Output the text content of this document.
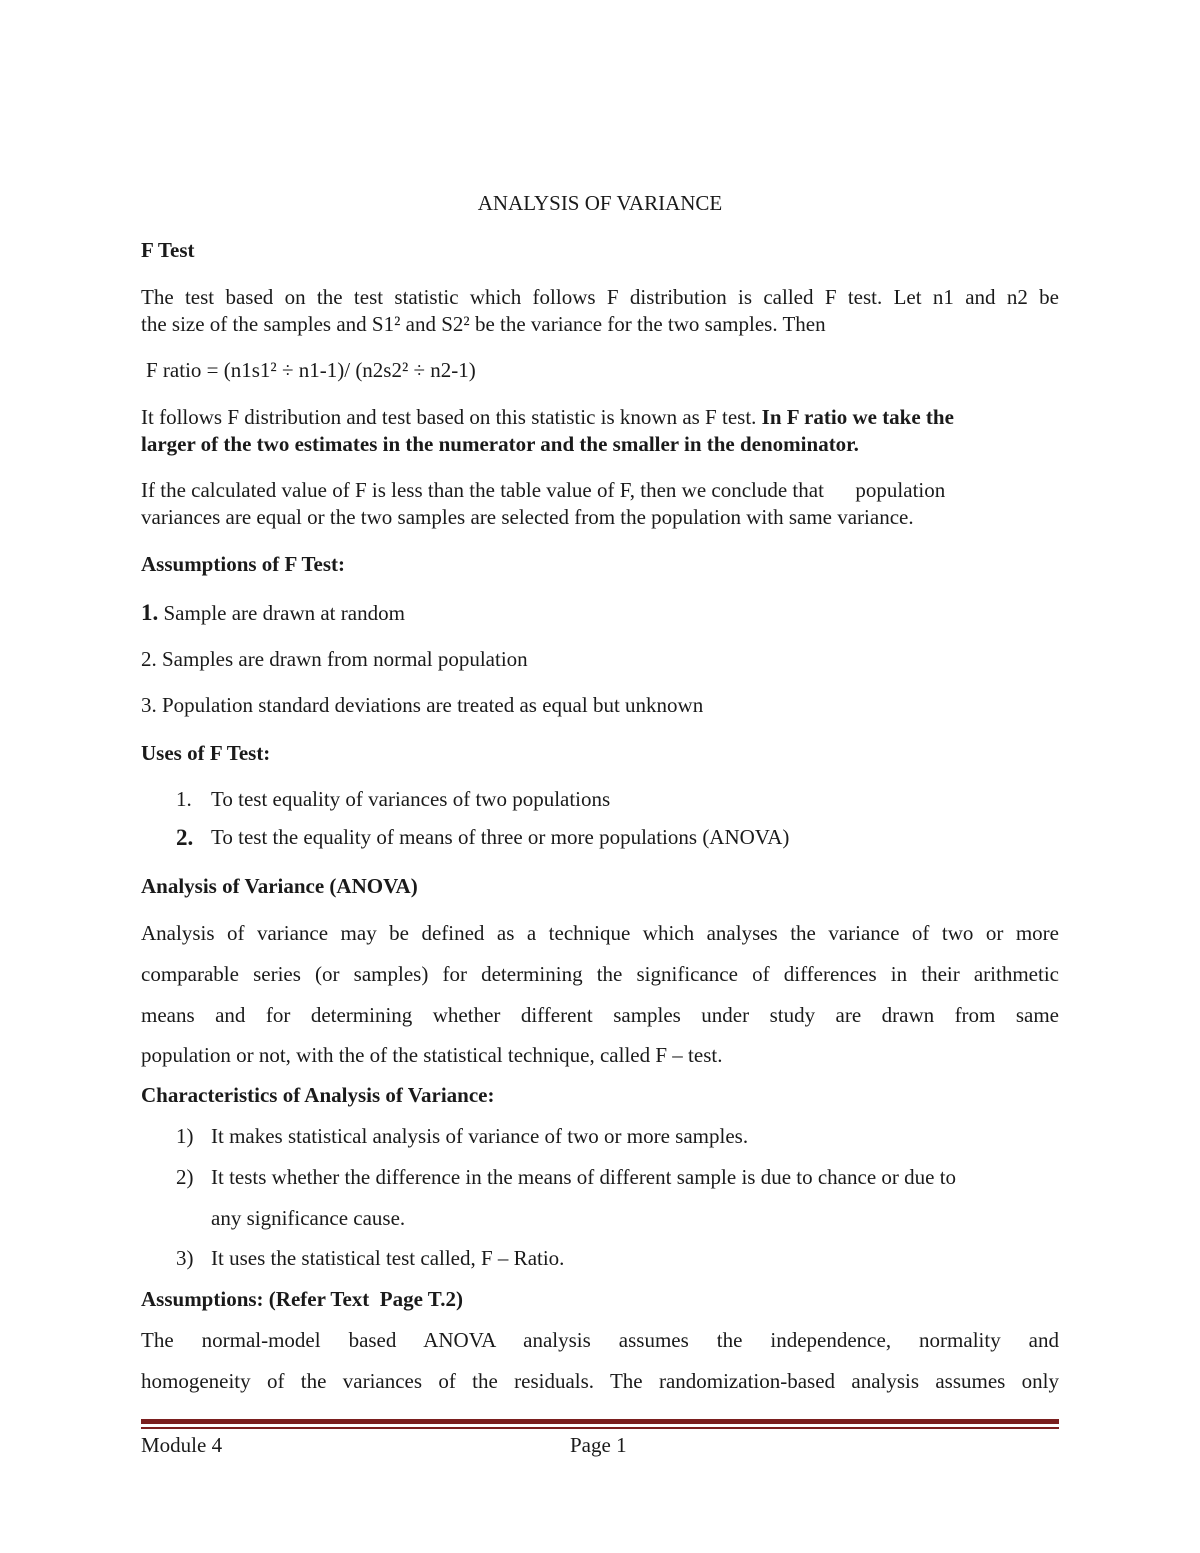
ANALYSIS OF VARIANCE
F Test
The test based on the test statistic which follows F distribution is called F test. Let n1 and n2 be
the size of the samples and S1² and S2² be the variance for the two samples. Then
F ratio = (n1s1² ÷ n1-1)/ (n2s2² ÷ n2-1)
It follows F distribution and test based on this statistic is known as F test. In F ratio we take the
larger of the two estimates in the numerator and the smaller in the denominator.
If the calculated value of F is less than the table value of F, then we conclude that      population
variances are equal or the two samples are selected from the population with same variance.
Assumptions of F Test:
1. Sample are drawn at random
2. Samples are drawn from normal population
3. Population standard deviations are treated as equal but unknown
Uses of F Test:
1. To test equality of variances of two populations
2. To test the equality of means of three or more populations (ANOVA)
Analysis of Variance (ANOVA)
Analysis of variance may be defined as a technique which analyses the variance of two or more
comparable series (or samples) for determining the significance of differences in their arithmetic
means and for determining whether different samples under study are drawn from same
population or not, with the of the statistical technique, called F – test.
Characteristics of Analysis of Variance:
1) It makes statistical analysis of variance of two or more samples.
2) It tests whether the difference in the means of different sample is due to chance or due to
any significance cause.
3) It uses the statistical test called, F – Ratio.
Assumptions: (Refer Text  Page T.2)
The normal-model based ANOVA analysis assumes the independence, normality and
homogeneity of the variances of the residuals. The randomization-based analysis assumes only
Module 4	Page 1
